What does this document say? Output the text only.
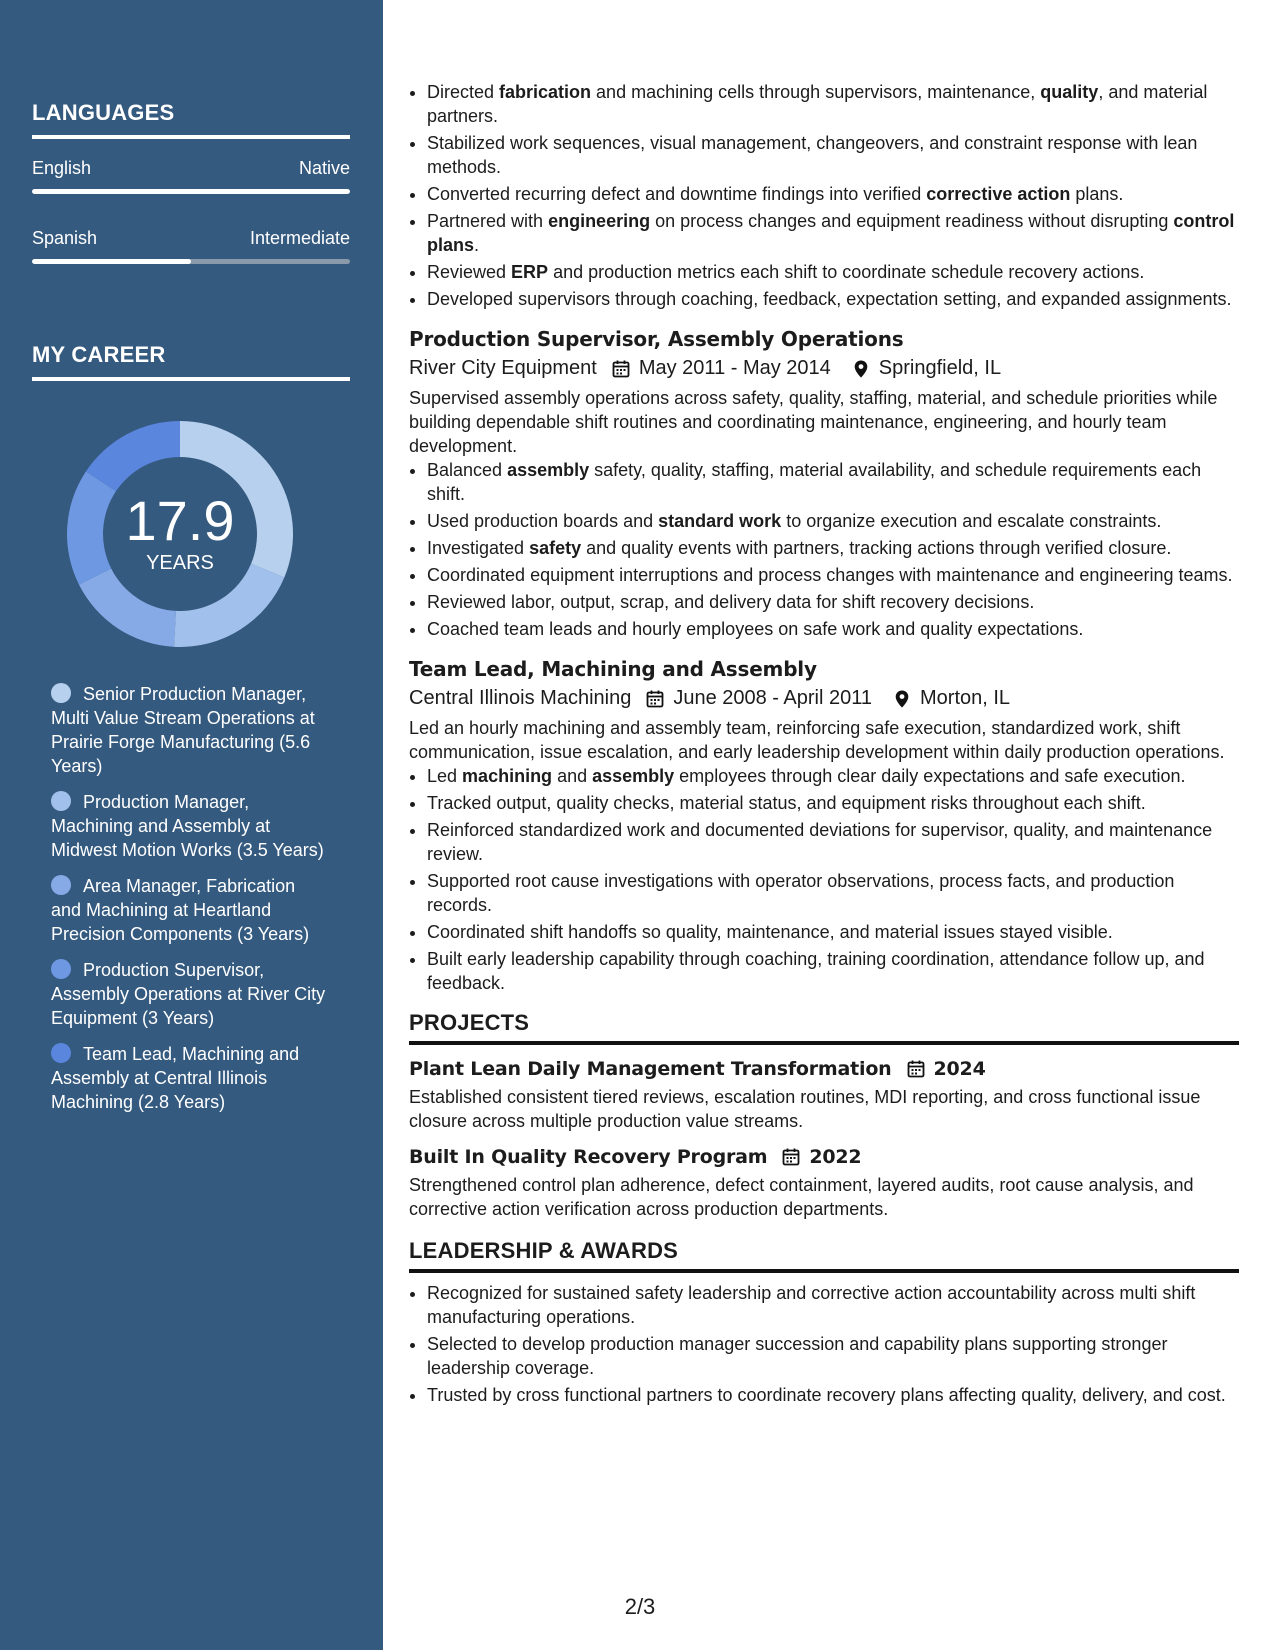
LANGUAGES
English	Native
Spanish	Intermediate
MY CAREER
17.9
YEARS
Senior Production Manager, Multi Value Stream Operations at Prairie Forge Manufacturing (5.6 Years)
Production Manager, Machining and Assembly at Midwest Motion Works (3.5 Years)
Area Manager, Fabrication and Machining at Heartland Precision Components (3 Years)
Production Supervisor, Assembly Operations at River City Equipment (3 Years)
Team Lead, Machining and Assembly at Central Illinois Machining (2.8 Years)
• Directed fabrication and machining cells through supervisors, maintenance, quality, and material partners.
• Stabilized work sequences, visual management, changeovers, and constraint response with lean methods.
• Converted recurring defect and downtime findings into verified corrective action plans.
• Partnered with engineering on process changes and equipment readiness without disrupting control plans.
• Reviewed ERP and production metrics each shift to coordinate schedule recovery actions.
• Developed supervisors through coaching, feedback, expectation setting, and expanded assignments.
Production Supervisor, Assembly Operations
River City Equipment May 2011 - May 2014 Springfield, IL
Supervised assembly operations across safety, quality, staffing, material, and schedule priorities while building dependable shift routines and coordinating maintenance, engineering, and hourly team development.
• Balanced assembly safety, quality, staffing, material availability, and schedule requirements each shift.
• Used production boards and standard work to organize execution and escalate constraints.
• Investigated safety and quality events with partners, tracking actions through verified closure.
• Coordinated equipment interruptions and process changes with maintenance and engineering teams.
• Reviewed labor, output, scrap, and delivery data for shift recovery decisions.
• Coached team leads and hourly employees on safe work and quality expectations.
Team Lead, Machining and Assembly
Central Illinois Machining June 2008 - April 2011 Morton, IL
Led an hourly machining and assembly team, reinforcing safe execution, standardized work, shift communication, issue escalation, and early leadership development within daily production operations.
• Led machining and assembly employees through clear daily expectations and safe execution.
• Tracked output, quality checks, material status, and equipment risks throughout each shift.
• Reinforced standardized work and documented deviations for supervisor, quality, and maintenance review.
• Supported root cause investigations with operator observations, process facts, and production records.
• Coordinated shift handoffs so quality, maintenance, and material issues stayed visible.
• Built early leadership capability through coaching, training coordination, attendance follow up, and feedback.
PROJECTS
Plant Lean Daily Management Transformation 2024
Established consistent tiered reviews, escalation routines, MDI reporting, and cross functional issue closure across multiple production value streams.
Built In Quality Recovery Program 2022
Strengthened control plan adherence, defect containment, layered audits, root cause analysis, and corrective action verification across production departments.
LEADERSHIP & AWARDS
• Recognized for sustained safety leadership and corrective action accountability across multi shift manufacturing operations.
• Selected to develop production manager succession and capability plans supporting stronger leadership coverage.
• Trusted by cross functional partners to coordinate recovery plans affecting quality, delivery, and cost.
2/3
